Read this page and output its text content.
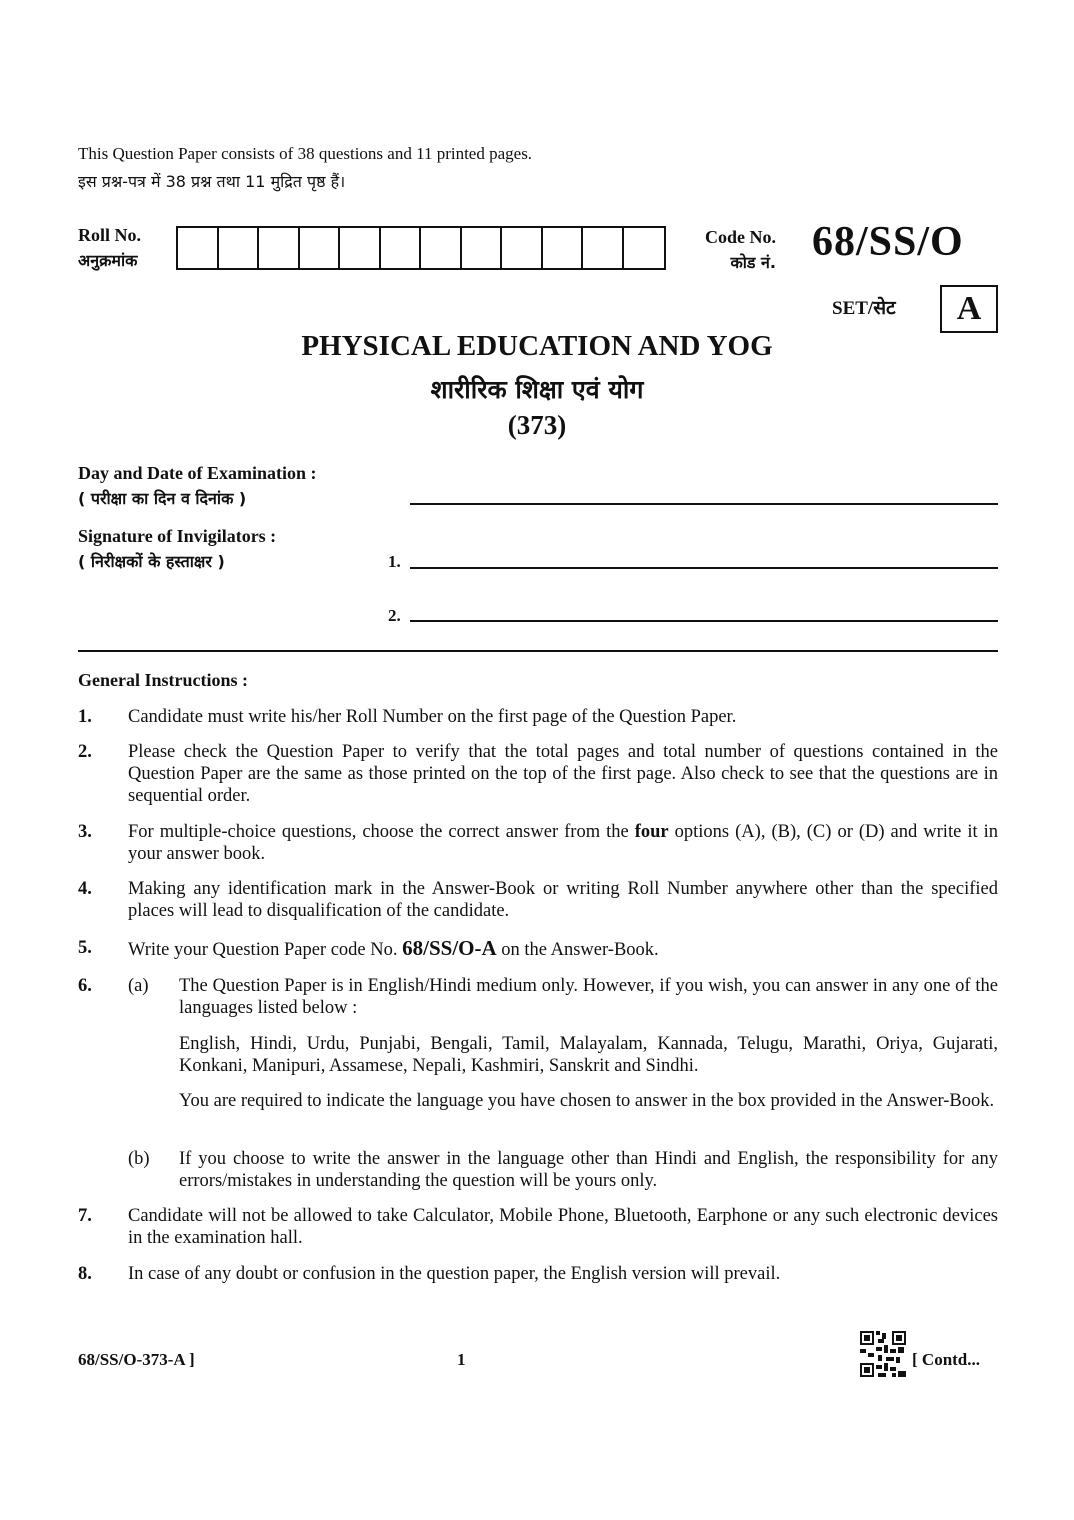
This Question Paper consists of 38 questions and 11 printed pages.
इस प्रश्न-पत्र में 38 प्रश्न तथा 11 मुद्रित पृष्ठ हैं।
Roll No.
अनुक्रमांक
Code No.
कोड नं. 68/SS/O
SET/सेट	A
PHYSICAL EDUCATION AND YOG
शारीरिक शिक्षा एवं योग
(373)
Day and Date of Examination :
( परीक्षा का दिन व दिनांक )
Signature of Invigilators :
( निरीक्षकों के हस्ताक्षर )	1.
2.
General Instructions :
1. Candidate must write his/her Roll Number on the first page of the Question Paper.
2. Please check the Question Paper to verify that the total pages and total number of questions contained in the Question Paper are the same as those printed on the top of the first page. Also check to see that the questions are in sequential order.
3. For multiple-choice questions, choose the correct answer from the four options (A), (B), (C) or (D) and write it in your answer book.
4. Making any identification mark in the Answer-Book or writing Roll Number anywhere other than the specified places will lead to disqualification of the candidate.
5. Write your Question Paper code No. 68/SS/O-A on the Answer-Book.
6. (a) The Question Paper is in English/Hindi medium only. However, if you wish, you can answer in any one of the languages listed below :
English, Hindi, Urdu, Punjabi, Bengali, Tamil, Malayalam, Kannada, Telugu, Marathi, Oriya, Gujarati, Konkani, Manipuri, Assamese, Nepali, Kashmiri, Sanskrit and Sindhi.
You are required to indicate the language you have chosen to answer in the box provided in the Answer-Book.
(b) If you choose to write the answer in the language other than Hindi and English, the responsibility for any errors/mistakes in understanding the question will be yours only.
7. Candidate will not be allowed to take Calculator, Mobile Phone, Bluetooth, Earphone or any such electronic devices in the examination hall.
8. In case of any doubt or confusion in the question paper, the English version will prevail.
68/SS/O-373-A ]	1	[ Contd...
